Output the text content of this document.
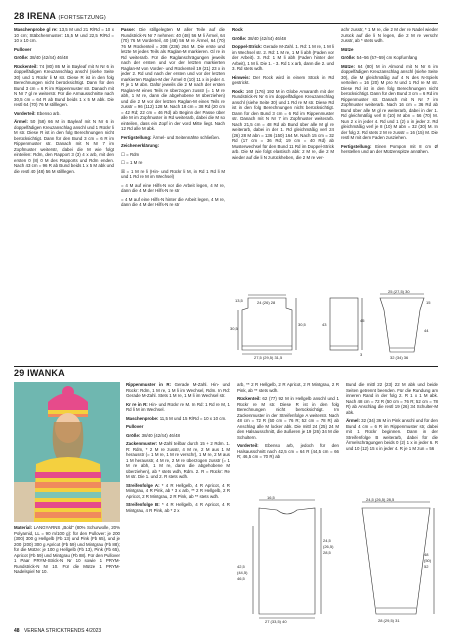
28 IRENA (FORTSETZUNG)

Maschenprobe gl re: 13,5 M und 21 R/Rd = 10 x 10 cm; Stäbchenmuster: 15,5 M und 22,5 R/Rd = 10 x 10 cm.

Pullover

Größe: 38/40 (42/44) 46/48

Rückenteil: 74 (80) 86 M in Bayleaf mit N Nr 6 in doppelfädigen Kreuzanschlag anschl (siehe Seite 30) und 1 Rückr li M str. Diese R ist in den folg Berechnungen nicht berücksichtigt. Dann für den Bund 3 cm = 6 R im Rippenmuster str. Danach mit N Nr 7 gl re weiterstr. Für die Armausschnitte nach 30,5 cm = 64 R ab Bund beids 1 x 5 M abk. Die restl 64 (70) 76 M stilllegen.

Vorderteil: Ebenso arb.

Ärmel: 50 (58) 66 M in Bayleaf mit N Nr 6 in doppelfädigen Kreuzanschlag anschl und 1 Rückr li M str. Diese R ist in den folg Berechnungen nicht berücksichtigt. Dann für den Bund 3 cm = 6 R im Rippenmuster str. Danach mit N Nr 7 im Zopfmuster weiterstr, dabei die M wie folgt einteilen: Rdm, den Rapport 3 (3) 4 x arb, mit den ersten 0 (8) 0 M des Rapports und Rdm enden. Nach 43 cm = 96 R ab Bund beids 1 x 5 M abk und die restl 40 (48) 56 M stilllegen.

Passe: Die stillgelegten M aller Teile auf die Rundstrick-N Nr 7 nehmen: 40 (48) 56 M li Ärmel, 64 (70) 76 M Vorderteil, 40 (48) 56 M re Ärmel, 64 (70) 76 M Rückenteil = 208 (236) 264 M. Die erste und letzte M jedes Teils als Raglan-M markieren. Gl re in Rd weiterarb. Für die Raglanschrägungen jeweils nach der ersten und vor der letzten markierten Raglan-M von Vorder- und Rückenteil 19 (21) 23 x in jeder 2. Rd und nach der ersten und vor der letzten markierten Raglan-M der Ärmel 0 (10) 11 x in jeder 4. R je 1 M abn. Dafür jeweils die 2 M nach der ersten Raglan-M eines Teils re überzogen zusstr (= 1 M re abh, 1 M re, dann die abgehobene M überziehen) und die 2 M vor der letzten Raglan-M eines Teils re zusstr = 96 (112) 128 M. Nach 18 cm = 38 Rd (20 cm = 42 Rd; 22 cm = 46 Rd) ab Beginn der Passe über alle M im Zopfmuster in Rd weiterarb, dabei die M so einteilen, dass ein Zopf in der vord Mitte liegt. Nach 12 Rd alle M abk.

Fertigstellung: Ärmel- und Seitennähte schließen.

Zeichenerklärung:

☐ = Rdm

☐ = 1 M re

☒ = 1 M re li (Hin- und Rückr li M, in Rd 1 Rd li M und 1 Rd re M im Wechsel)

= 4 M auf eine Hilfs-N vor die Arbeit legen, 4 M re, dann die 4 M der Hilfs-N re str

= 4 M auf eine Hilfs-N hinter die Arbeit legen, 4 M re, dann die 4 M der Hilfs-N re str

Rock

Größe: 38/40 (42/44) 46/48

Doppel-Strick: Gerade M-Zahl. 1. Rd: 1 M re, 1 M li im Wechsel str. 2. Rd: 1 M re, 1 M li abh (Faden vor der Arbeit). 3. Rd: 1 M li abh (Faden hinter der Arbeit), 1 M li. Die 1. - 3. Rd 1 x arb, dann die 2. und 3. Rd stets wdh.

Hinweis: Der Rock wird in einem Stück in Rd gestrickt.

Rock: 160 (176) 192 M in Globe Amaranth mit der Rundstrick-N Nr 6 im doppelfädigen Kreuzanschlag anschl (siehe Seite 30) und 1 Rd re M str. Diese Rd ist in den folg Berechnungen nicht berücksichtigt. Dann für den Bund 3 cm = 6 Rd im Rippenmuster str. Danach mit N Nr 7 im Zopfmuster weiterarb. Nach 21,5 cm = 48 Rd ab Bund über alle M gl re weiterarb, dabei in der 1. Rd gleichmäßig verl 24 (26) 28 M abn = 136 (150) 164 M. Nach 15 cm = 32 Rd (17 cm = 36 Rd; 19 cm = 40 Rd) ab Musterwechsel für den Bund 11 Rd im Doppel-Strick arb. Die M wie folgt elastisch abk: 2 M re, die 2 M wieder auf die li N zurückheben, die 2 M re ver-

achr zusstr, * 1 M re, die 2 M der re Nadel wieder zurück auf die li N legen, die 2 M re verschr zusstr, ab * stets wdh.

Mütze

Größe: 54–56 (57–59) cm Kopfumfang

Mütze: 64 (80) M in Almond mit N Nr 6 im doppelfädigen Kreuzanschlag anschl (siehe Seite 30), die M gleichmäßig auf 4 N des N-Spiels verteilen = 16 (20) M pro N und 1 Rd re M str. Diese Rd ist in den folg Berechnungen nicht berücksichtigt. Dann für den Bund 3 cm = 6 Rd im Rippenmuster str. Danach mit N Nr 7 im Zopfmuster weiterarb. Nach 16 cm = 36 Rd ab Bund über alle M gl re weiterarb, dabei in der 1. Rd gleichmäßig verl 8 (10) M abn = 56 (70) M. Nun 2 x in jeder 4. Rd und 1 (2) x in jeder 2. Rd gleichmäßig verl je 8 (10) M abn = 32 (30) M. In der folg 2. Rd stets 2 M re zusstr = 16 (15) M. Die restl M mit dem Faden zusziehen.

Fertigstellung: Einen Pompon mit 8 cm Ø herstellen und an der Mützenspitze annähen.

24 (26) 28
30,5
30,5
27,5 (29,5) 31,5
13,5
43
45
3
25 (27,5) 30
15
44
32 (34) 36
29 IWANKA

Material: LANGYARNS „Bold" (80% Schurwolle, 20% Polyamid, LL = 90 m/100 g): für den Pullover: je 200 (300) 300 g Hellgelb (Fb 13) und Pink (Fb 65), und je 200 (200) 300 g Apricot (Fb 59) und Mintgrau (Fb 88); für die Mütze: je 100 g Hellgelb (Fb 13), Pink (Fb 65), Apricot (Fb 59) und Mintgrau (Fb 88). Für den Pullover 1 Paar PRYM-Strick-N Nr 10 sowie 1 PRYM-Rundstrick-N Nr 10. Für die Mütze 1 PRYM-Nadelspiel Nr 10.

Rippenmuster in R: Gerade M-Zahl. Hin- und Rückr: Rdm, 1 M re, 1 M li im Wechsel, Rdm. In Rd: Gerade M-Zahl. Stets 1 M re, 1 M li im Wechsel str.

Kr re in R: Hin- und Rückr re M. In Rd: 1 Rd re M, 1 Rd li M im Wechsel.

Maschenprobe: 11,5 M und 15 R/Rd = 10 x 10 cm.

Pullover

Größe: 38/40 (42/44) 46/48

Zackenmuster: M-Zahl teilbar durch 15 + 2 Rdm. 1. R: Rdm, * 2 M re zusstr, 4 M re, 2 M aus 1 M herausstr (= 1 M re, 1 M re verschr), 1 M re, 2 M aus 1 M herausstr, 4 M re, 2 M re überzogen zusstr (= 1 M re abh, 1 M re, dann die abgehobene M überziehen), ab * stets wdh, Rdm. 2. R = Rückr: Re M str. Die 1. und 2. R stets wdh.

Streifenfolge A: * 4 R Hellgelb, 4 R Apricot, 4 R Mintgrau, 4 R Pink, ab * 3 x arb, ** 2 R Hellgelb, 2 R Apricot, 2 R Mintgrau, 2 R Pink, ab ** stets wdh.

Streifenfolge B: * 4 R Hellgelb, 4 R Apricot, 4 R Mintgrau, 4 R Pink, ab * 2 x

arb, ** 2 R Hellgelb, 2 R Apricot, 2 R Mintgrau, 2 R Pink, ab ** stets wdh.

Rückenteil: 62 (77) 92 M in Hellgelb anschl und 1 Rückr re M str. Diese R ist in den folg Berechnungen nicht berücksichtigt. Im Zackenmuster in der Streifenfolge A weiterstr. Nach 48 cm = 72 R (50 cm = 76 R; 52 cm = 78 R) ab Anschlag alle M locker abk. Die mittl 24 (25) 24 M den Halsausschnitt, die äußeren je 19 (26) 34 M die Schultern.

Vorderteil: Ebenso arb, jedoch für den Halsausschnitt nach 42,5 cm = 64 R (44,5 cm = 66 R; 46,5 cm = 70 R) ab

Bund die mittl 22 (23) 22 M abk und beide Seiten getrennt beenden. Für die Rundung am inneren Rand in der folg 2. R 1 x 1 M abk. Nach 48 cm = 72 R (50 cm = 76 R; 52 cm = 78 R) ab Anschlag die restl 19 (26) 34 Schulter-M abk.

Ärmel: 32 (34) 36 M in Pink anschl und für den Bund 4 cm = 6 R im Rippenmuster str, dabei mit 1 Rückr beginnen. Dann in der Streifenfolge B weiterarb, dabei für die Ärmelschrägungen beids 0 (2) 1 x in jeder 6. R und 10 (12) 15 x in jeder 4. R je 1 M zun = 56

16,5
24,5
(26,5)
28,5
42,5
(44,5)
46,5
27 (33,5) 40
24,5 (26,5) 28,5
48
(50)
52
28 (29,5) 31
48 VERENA STRICKTRENDS 4/2023
